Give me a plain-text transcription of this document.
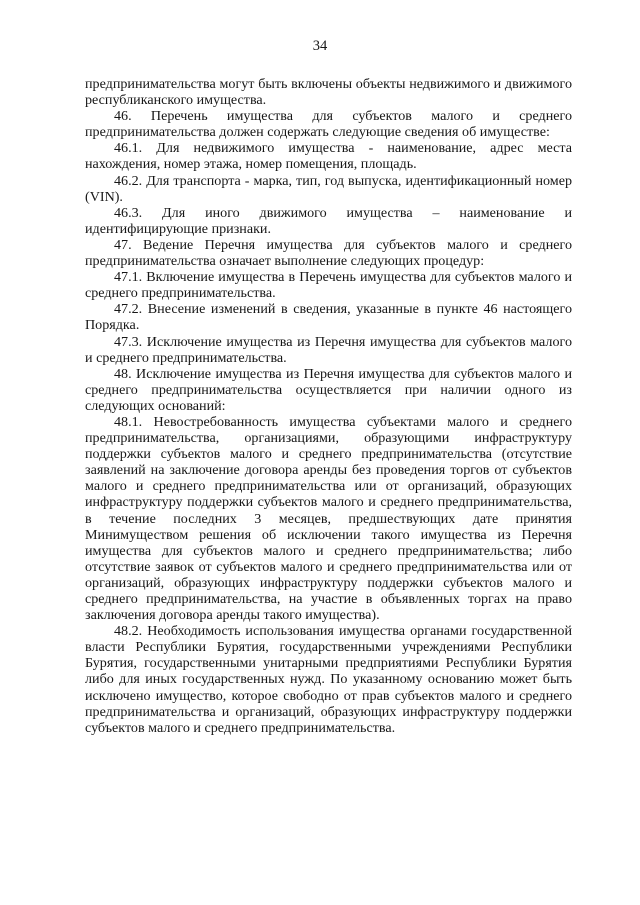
34

предпринимательства могут быть включены объекты недвижимого и движимого республиканского имущества.

46. Перечень имущества для субъектов малого и среднего предпринимательства должен содержать следующие сведения об имуществе:

46.1. Для недвижимого имущества - наименование, адрес места нахождения, номер этажа, номер помещения, площадь.

46.2. Для транспорта - марка, тип, год выпуска, идентификационный номер (VIN).

46.3. Для иного движимого имущества – наименование и идентифицирующие признаки.

47. Ведение Перечня имущества для субъектов малого и среднего предпринимательства означает выполнение следующих процедур:

47.1. Включение имущества в Перечень имущества для субъектов малого и среднего предпринимательства.

47.2. Внесение изменений в сведения, указанные в пункте 46 настоящего Порядка.

47.3. Исключение имущества из Перечня имущества для субъектов малого и среднего предпринимательства.

48. Исключение имущества из Перечня имущества для субъектов малого и среднего предпринимательства осуществляется при наличии одного из следующих оснований:

48.1. Невостребованность имущества субъектами малого и среднего предпринимательства, организациями, образующими инфраструктуру поддержки субъектов малого и среднего предпринимательства (отсутствие заявлений на заключение договора аренды без проведения торгов от субъектов малого и среднего предпринимательства или от организаций, образующих инфраструктуру поддержки субъектов малого и среднего предпринимательства, в течение последних 3 месяцев, предшествующих дате принятия Минимуществом решения об исключении такого имущества из Перечня имущества для субъектов малого и среднего предпринимательства; либо отсутствие заявок от субъектов малого и среднего предпринимательства или от организаций, образующих инфраструктуру поддержки субъектов малого и среднего предпринимательства, на участие в объявленных торгах на право заключения договора аренды такого имущества).

48.2. Необходимость использования имущества органами государственной власти Республики Бурятия, государственными учреждениями Республики Бурятия, государственными унитарными предприятиями Республики Бурятия либо для иных государственных нужд. По указанному основанию может быть исключено имущество, которое свободно от прав субъектов малого и среднего предпринимательства и организаций, образующих инфраструктуру поддержки субъектов малого и среднего предпринимательства.
